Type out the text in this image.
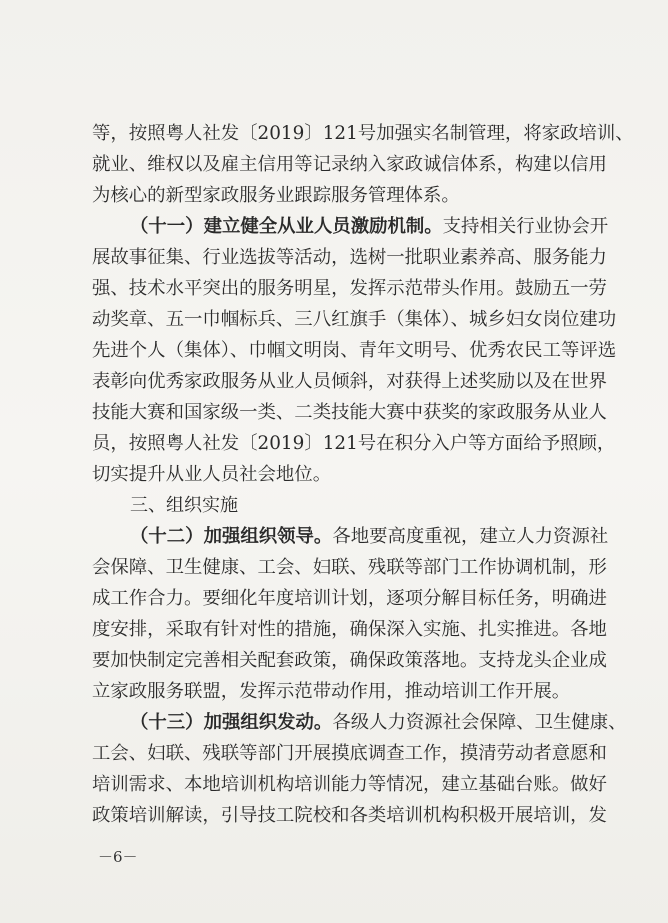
等，按照粤人社发〔2019〕121号加强实名制管理，将家政培训、
就业、维权以及雇主信用等记录纳入家政诚信体系，构建以信用
为核心的新型家政服务业跟踪服务管理体系。
（十一）建立健全从业人员激励机制。支持相关行业协会开
展故事征集、行业选拔等活动，选树一批职业素养高、服务能力
强、技术水平突出的服务明星，发挥示范带头作用。鼓励五一劳
动奖章、五一巾帼标兵、三八红旗手（集体）、城乡妇女岗位建功
先进个人（集体）、巾帼文明岗、青年文明号、优秀农民工等评选
表彰向优秀家政服务从业人员倾斜，对获得上述奖励以及在世界
技能大赛和国家级一类、二类技能大赛中获奖的家政服务从业人
员，按照粤人社发〔2019〕121号在积分入户等方面给予照顾，
切实提升从业人员社会地位。
三、组织实施
（十二）加强组织领导。各地要高度重视，建立人力资源社
会保障、卫生健康、工会、妇联、残联等部门工作协调机制，形
成工作合力。要细化年度培训计划，逐项分解目标任务，明确进
度安排，采取有针对性的措施，确保深入实施、扎实推进。各地
要加快制定完善相关配套政策，确保政策落地。支持龙头企业成
立家政服务联盟，发挥示范带动作用，推动培训工作开展。
（十三）加强组织发动。各级人力资源社会保障、卫生健康、
工会、妇联、残联等部门开展摸底调查工作，摸清劳动者意愿和
培训需求、本地培训机构培训能力等情况，建立基础台账。做好
政策培训解读，引导技工院校和各类培训机构积极开展培训，发
－6－
